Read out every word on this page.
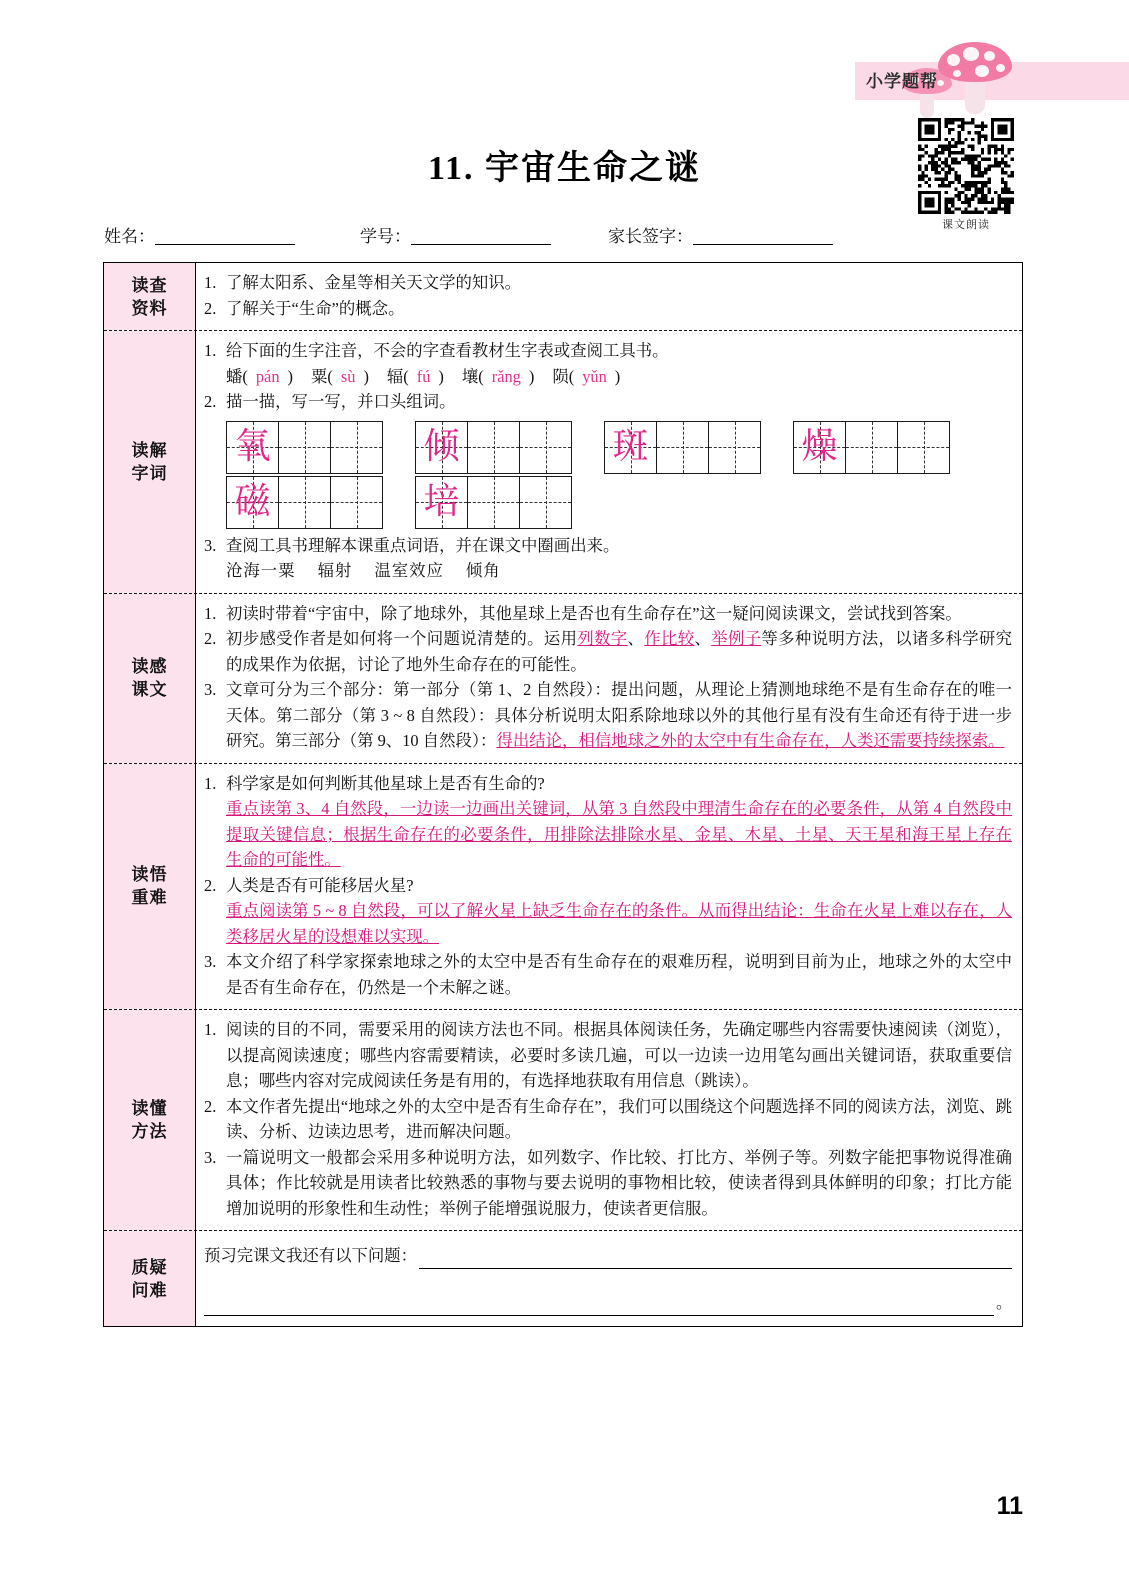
小学题帮
课文朗读
11. 宇宙生命之谜
姓名：	学号：	家长签字：
读查
资料
1. 了解太阳系、金星等相关天文学的知识。
2. 了解关于“生命”的概念。
读解
字词
1. 给下面的生字注音，不会的字查看教材生字表或查阅工具书。
蟠( pán ) 粟( sù ) 辐( fú ) 壤( rǎng ) 陨( yǔn )
2. 描一描，写一写，并口头组词。
氧	倾	斑	燥
磁	培
3. 查阅工具书理解本课重点词语，并在课文中圈画出来。
沧海一粟 辐射 温室效应 倾角
读感
课文
1. 初读时带着“宇宙中，除了地球外，其他星球上是否也有生命存在”这一疑问阅读课文，尝试找到答案。
2. 初步感受作者是如何将一个问题说清楚的。运用列数字、作比较、举例子等多种说明方法，以诸多科学研究的成果作为依据，讨论了地外生命存在的可能性。
3. 文章可分为三个部分：第一部分（第 1、2 自然段）：提出问题，从理论上猜测地球绝不是有生命存在的唯一天体。第二部分（第 3 ~ 8 自然段）：具体分析说明太阳系除地球以外的其他行星有没有生命还有待于进一步研究。第三部分（第 9、10 自然段）：得出结论，相信地球之外的太空中有生命存在，人类还需要持续探索。
读悟
重难
1. 科学家是如何判断其他星球上是否有生命的?
重点读第 3、4 自然段，一边读一边画出关键词，从第 3 自然段中理清生命存在的必要条件，从第 4 自然段中提取关键信息；根据生命存在的必要条件，用排除法排除水星、金星、木星、土星、天王星和海王星上存在生命的可能性。
2. 人类是否有可能移居火星?
重点阅读第 5 ~ 8 自然段，可以了解火星上缺乏生命存在的条件。从而得出结论：生命在火星上难以存在，人类移居火星的设想难以实现。
3. 本文介绍了科学家探索地球之外的太空中是否有生命存在的艰难历程，说明到目前为止，地球之外的太空中是否有生命存在，仍然是一个未解之谜。
读懂
方法
1. 阅读的目的不同，需要采用的阅读方法也不同。根据具体阅读任务，先确定哪些内容需要快速阅读（浏览），以提高阅读速度；哪些内容需要精读，必要时多读几遍，可以一边读一边用笔勾画出关键词语，获取重要信息；哪些内容对完成阅读任务是有用的，有选择地获取有用信息（跳读）。
2. 本文作者先提出“地球之外的太空中是否有生命存在”，我们可以围绕这个问题选择不同的阅读方法，浏览、跳读、分析、边读边思考，进而解决问题。
3. 一篇说明文一般都会采用多种说明方法，如列数字、作比较、打比方、举例子等。列数字能把事物说得准确具体；作比较就是用读者比较熟悉的事物与要去说明的事物相比较，使读者得到具体鲜明的印象；打比方能增加说明的形象性和生动性；举例子能增强说服力，使读者更信服。
质疑
问难
预习完课文我还有以下问题：
。
11
